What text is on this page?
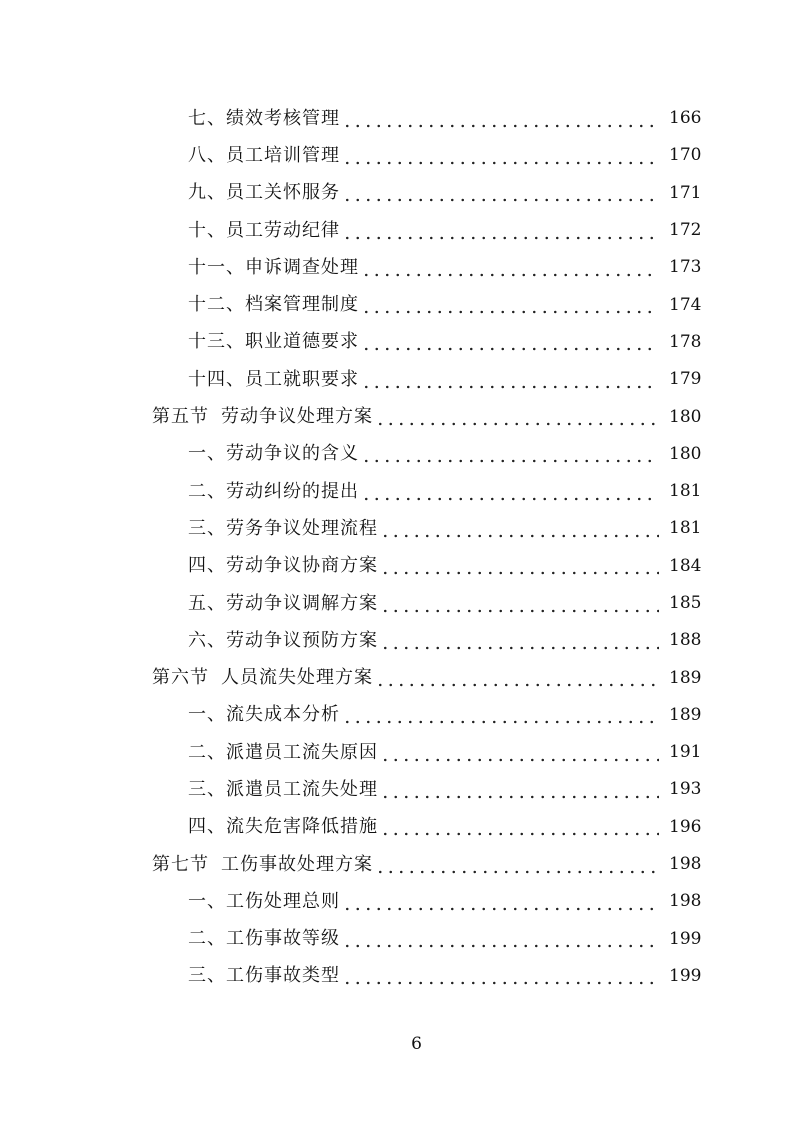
七、绩效考核管理	166
八、员工培训管理	170
九、员工关怀服务	171
十、员工劳动纪律	172
十一、申诉调查处理	173
十二、档案管理制度	174
十三、职业道德要求	178
十四、员工就职要求	179
第五节 劳动争议处理方案	180
一、劳动争议的含义	180
二、劳动纠纷的提出	181
三、劳务争议处理流程	181
四、劳动争议协商方案	184
五、劳动争议调解方案	185
六、劳动争议预防方案	188
第六节 人员流失处理方案	189
一、流失成本分析	189
二、派遣员工流失原因	191
三、派遣员工流失处理	193
四、流失危害降低措施	196
第七节 工伤事故处理方案	198
一、工伤处理总则	198
二、工伤事故等级	199
三、工伤事故类型	199
6
